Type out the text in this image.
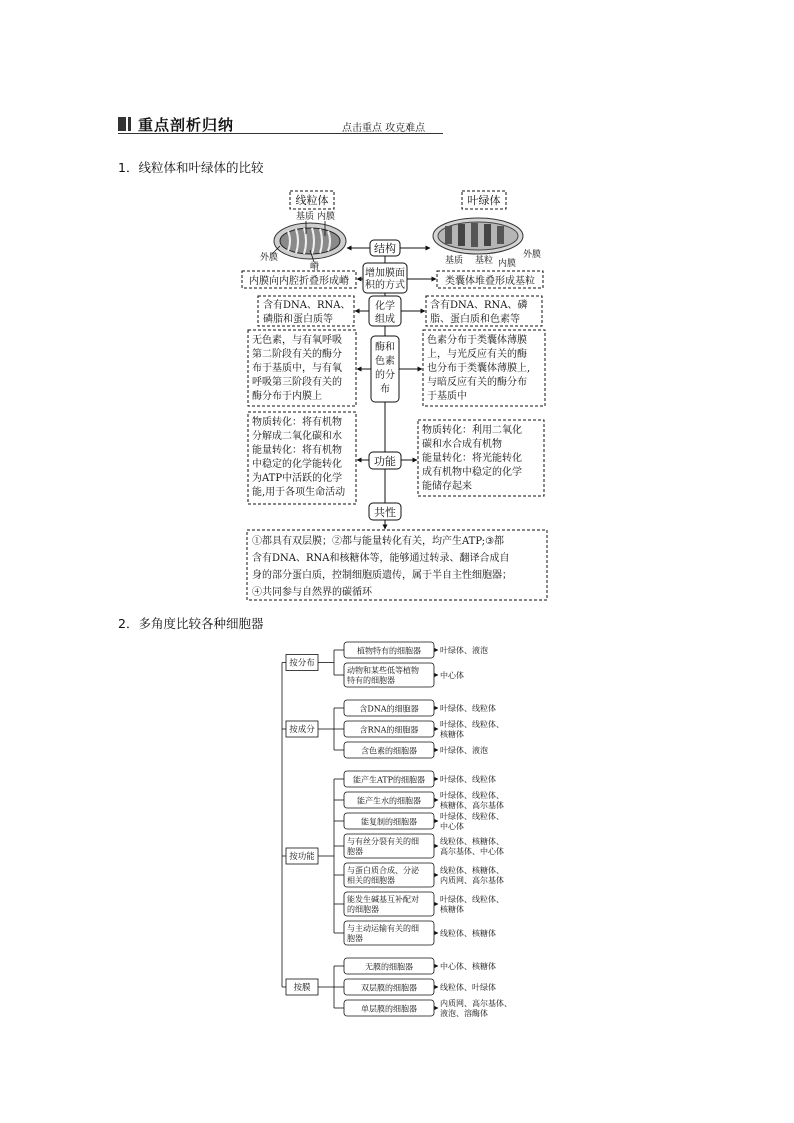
重点剖析归纳	点击重点 攻克难点
1．线粒体和叶绿体的比较
2．多角度比较各种细胞器
线粒体	叶绿体
基质 内膜
外膜
嵴
基质 基粒 内膜
外膜
结构
增加膜面
积的方式
内膜向内腔折叠形成嵴	类囊体堆叠形成基粒
化学
组成
含有DNA、RNA、
磷脂和蛋白质等
含有DNA、RNA、磷
脂、蛋白质和色素等
酶和
色素
的分
布
无色素，与有氧呼吸
第二阶段有关的酶分
布于基质中，与有氧
呼吸第三阶段有关的
酶分布于内膜上
色素分布于类囊体薄膜
上，与光反应有关的酶
也分布于类囊体薄膜上,
与暗反应有关的酶分布
于基质中
功能
物质转化：将有机物
分解成二氧化碳和水
能量转化：将有机物
中稳定的化学能转化
为ATP中活跃的化学
能,用于各项生命活动
物质转化：利用二氧化
碳和水合成有机物
能量转化：将光能转化
成有机物中稳定的化学
能储存起来
共性
①都具有双层膜；②都与能量转化有关，均产生ATP;③都
含有DNA、RNA和核糖体等，能够通过转录、翻译合成自
身的部分蛋白质，控制细胞质遗传，属于半自主性细胞器；
④共同参与自然界的碳循环
植物特有的细胞器 叶绿体、液泡
动物和某些低等植物
特有的细胞器
中心体
按分布
含DNA的细胞器	叶绿体、线粒体
含RNA的细胞器
叶绿体、线粒体、
核糖体
含色素的细胞器	叶绿体、液泡
按成分
能产生ATP的细胞器 叶绿体、线粒体
能产生水的细胞器
叶绿体、线粒体、
核糖体、高尔基体
能复制的细胞器
叶绿体、线粒体、
中心体
与有丝分裂有关的细
胞器
线粒体、核糖体、
高尔基体、中心体
与蛋白质合成、分泌
相关的细胞器
线粒体、核糖体、
内质网、高尔基体
能发生碱基互补配对
的细胞器
叶绿体、线粒体、
核糖体
与主动运输有关的细
胞器
线粒体、核糖体
按功能
无膜的细胞器	中心体、核糖体
双层膜的细胞器	线粒体、叶绿体
单层膜的细胞器
内质网、高尔基体、
液泡、溶酶体
按膜
